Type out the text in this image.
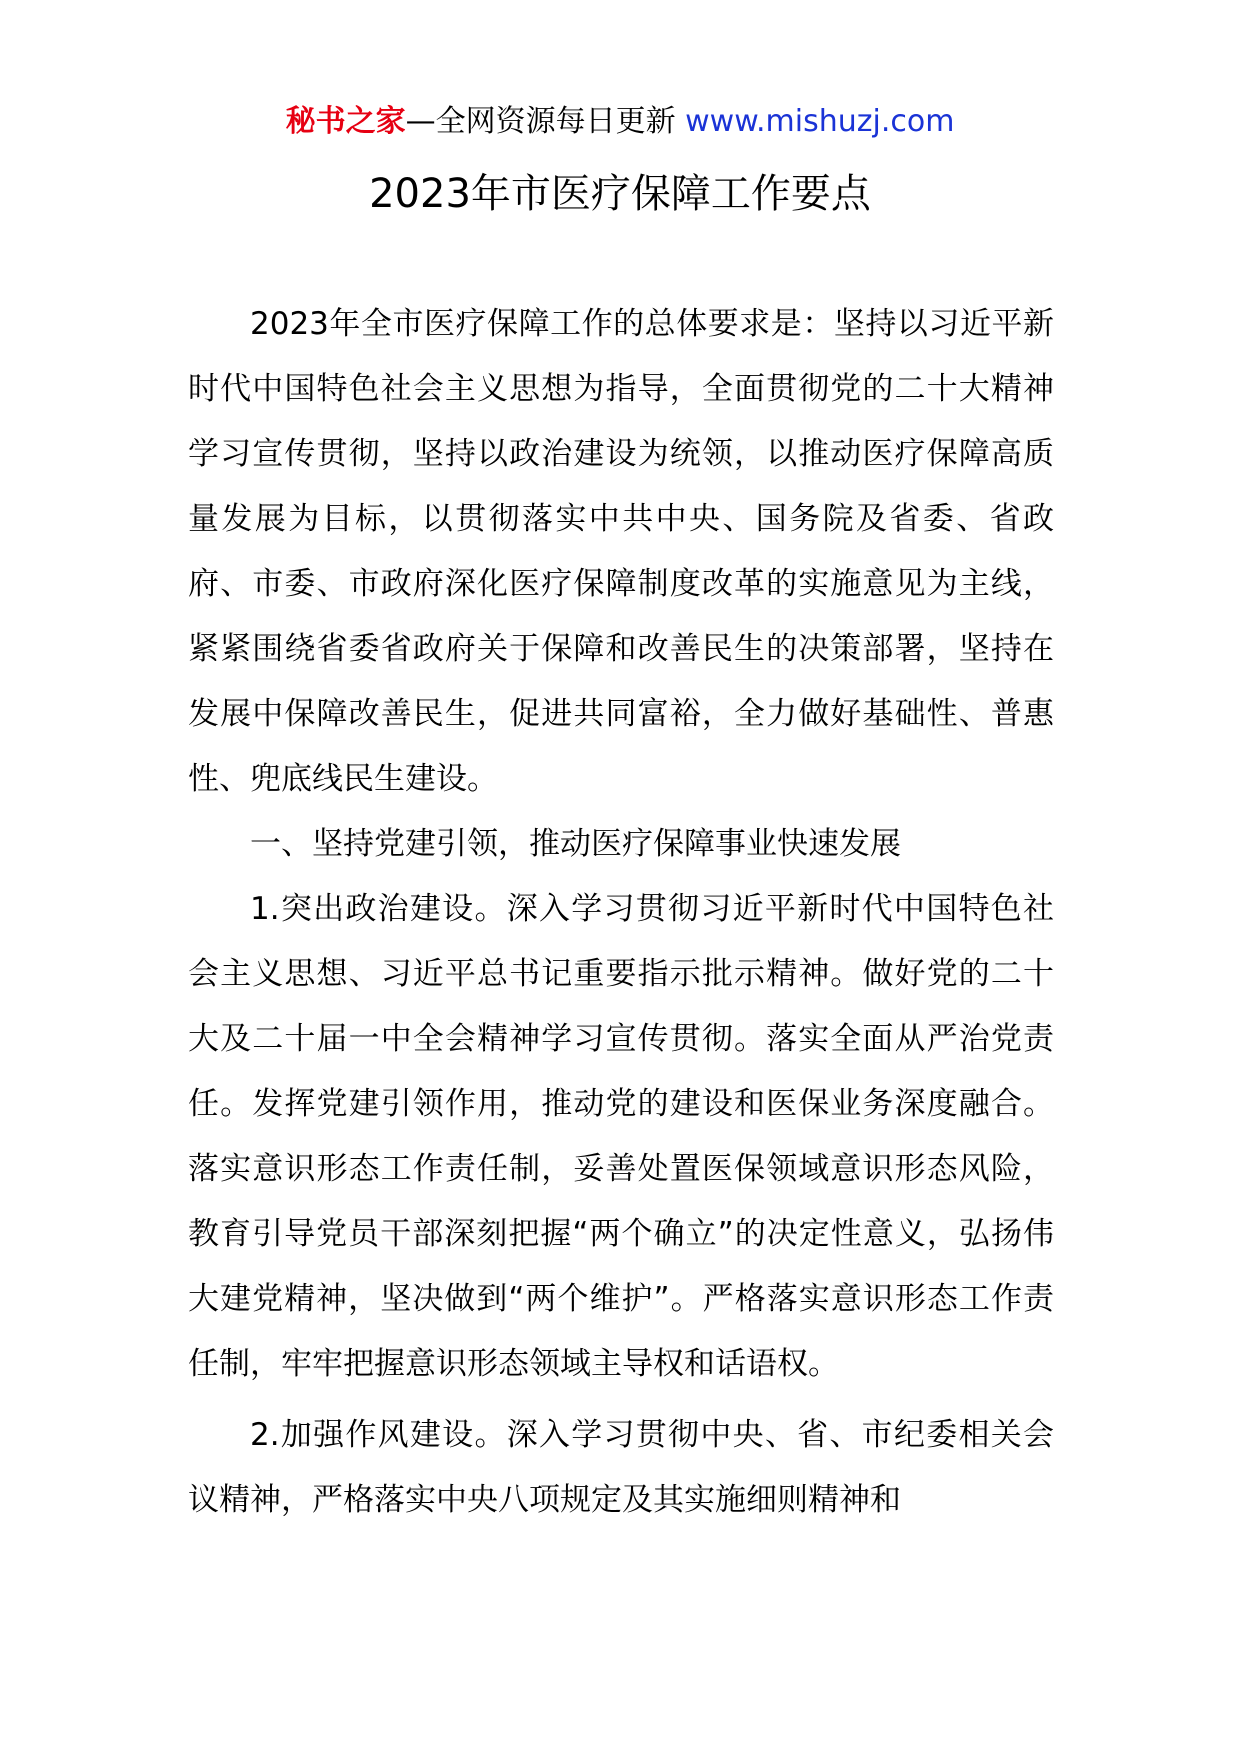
秘书之家—全网资源每日更新 www.mishuzj.com
2023年市医疗保障工作要点

2023年全市医疗保障工作的总体要求是：坚持以习近平新时代中国特色社会主义思想为指导，全面贯彻党的二十大精神学习宣传贯彻，坚持以政治建设为统领，以推动医疗保障高质量发展为目标，以贯彻落实中共中央、国务院及省委、省政府、市委、市政府深化医疗保障制度改革的实施意见为主线，紧紧围绕省委省政府关于保障和改善民生的决策部署，坚持在发展中保障改善民生，促进共同富裕，全力做好基础性、普惠性、兜底线民生建设。

一、坚持党建引领，推动医疗保障事业快速发展

1.突出政治建设。深入学习贯彻习近平新时代中国特色社会主义思想、习近平总书记重要指示批示精神。做好党的二十大及二十届一中全会精神学习宣传贯彻。落实全面从严治党责任。发挥党建引领作用，推动党的建设和医保业务深度融合。落实意识形态工作责任制，妥善处置医保领域意识形态风险，教育引导党员干部深刻把握“两个确立”的决定性意义，弘扬伟大建党精神，坚决做到“两个维护”。严格落实意识形态工作责任制，牢牢把握意识形态领域主导权和话语权。

2.加强作风建设。深入学习贯彻中央、省、市纪委相关会议精神，严格落实中央八项规定及其实施细则精神和
